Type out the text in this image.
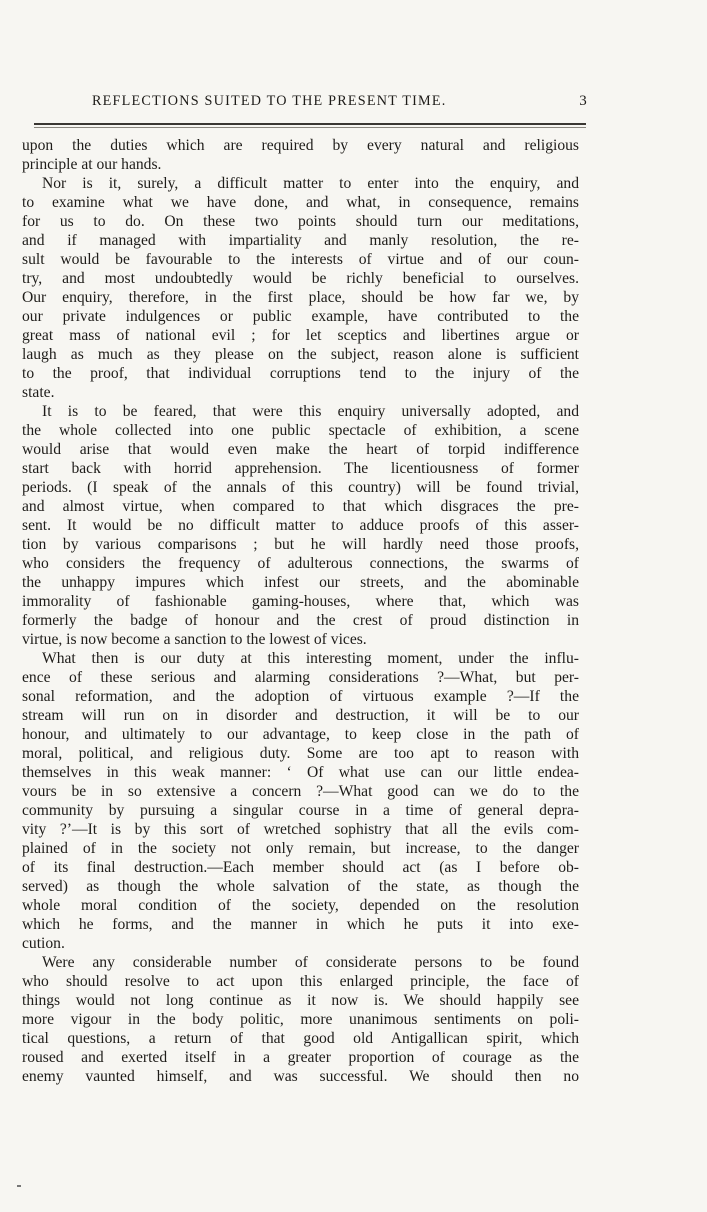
REFLECTIONS SUITED TO THE PRESENT TIME.	3
upon the duties which are required by every natural and religious
principle at our hands.
Nor is it, surely, a difficult matter to enter into the enquiry, and
to examine what we have done, and what, in consequence, remains
for us to do. On these two points should turn our meditations,
and if managed with impartiality and manly resolution, the re-
sult would be favourable to the interests of virtue and of our coun-
try, and most undoubtedly would be richly beneficial to ourselves.
Our enquiry, therefore, in the first place, should be how far we, by
our private indulgences or public example, have contributed to the
great mass of national evil ; for let sceptics and libertines argue or
laugh as much as they please on the subject, reason alone is sufficient
to the proof, that individual corruptions tend to the injury of the
state.
It is to be feared, that were this enquiry universally adopted, and
the whole collected into one public spectacle of exhibition, a scene
would arise that would even make the heart of torpid indifference
start back with horrid apprehension. The licentiousness of former
periods. (I speak of the annals of this country) will be found trivial,
and almost virtue, when compared to that which disgraces the pre-
sent. It would be no difficult matter to adduce proofs of this asser-
tion by various comparisons ; but he will hardly need those proofs,
who considers the frequency of adulterous connections, the swarms of
the unhappy impures which infest our streets, and the abominable
immorality of fashionable gaming-houses, where that, which was
formerly the badge of honour and the crest of proud distinction in
virtue, is now become a sanction to the lowest of vices.
What then is our duty at this interesting moment, under the influ-
ence of these serious and alarming considerations ?—What, but per-
sonal reformation, and the adoption of virtuous example ?—If the
stream will run on in disorder and destruction, it will be to our
honour, and ultimately to our advantage, to keep close in the path of
moral, political, and religious duty. Some are too apt to reason with
themselves in this weak manner: ‘ Of what use can our little endea-
vours be in so extensive a concern ?—What good can we do to the
community by pursuing a singular course in a time of general depra-
vity ?’—It is by this sort of wretched sophistry that all the evils com-
plained of in the society not only remain, but increase, to the danger
of its final destruction.—Each member should act (as I before ob-
served) as though the whole salvation of the state, as though the
whole moral condition of the society, depended on the resolution
which he forms, and the manner in which he puts it into exe-
cution.
Were any considerable number of considerate persons to be found
who should resolve to act upon this enlarged principle, the face of
things would not long continue as it now is. We should happily see
more vigour in the body politic, more unanimous sentiments on poli-
tical questions, a return of that good old Antigallican spirit, which
roused and exerted itself in a greater proportion of courage as the
enemy vaunted himself, and was successful. We should then no
